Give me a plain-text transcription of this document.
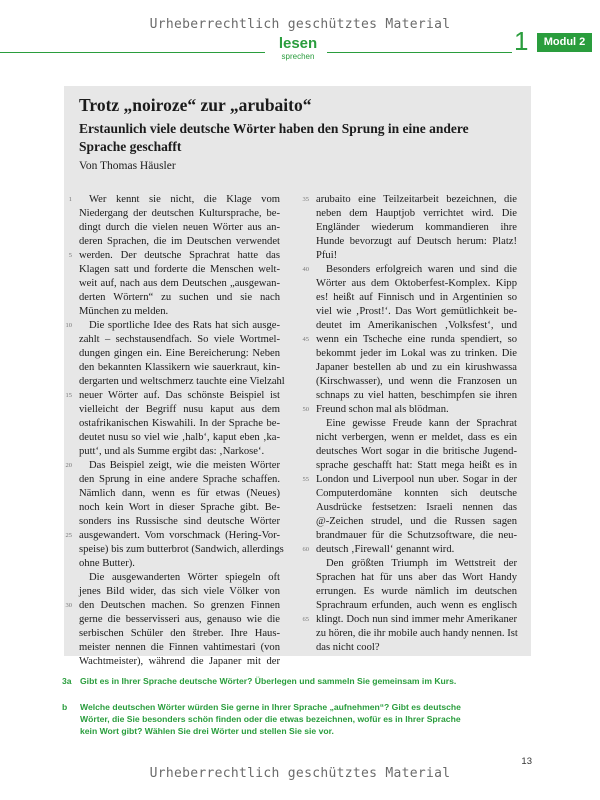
Urheberrechtlich geschütztes Material
lesen
sprechen
1	Modul 2
Trotz „noiroze“ zur „arubaito“
Erstaunlich viele deutsche Wörter haben den Sprung in eine andere Sprache geschafft

Von Thomas Häusler

1	Wer kennt sie nicht, die Klage vom
Niedergang der deutschen Kultursprache, be-
dingt durch die vielen neuen Wörter aus an-
deren Sprachen, die im Deutschen verwendet
5 werden. Der deutsche Sprachrat hatte das
Klagen satt und forderte die Menschen welt-
weit auf, nach aus dem Deutschen „ausgewan-
derten Wörtern“ zu suchen und sie nach
München zu melden.
10	Die sportliche Idee des Rats hat sich ausge-
zahlt – sechstausendfach. So viele Wortmel-
dungen gingen ein. Eine Bereicherung: Neben
den bekannten Klassikern wie sauerkraut, kin-
dergarten und weltschmerz tauchte eine Vielzahl
15 neuer Wörter auf. Das schönste Beispiel ist
vielleicht der Begriff nusu kaput aus dem
ostafrikanischen Kiswahili. In der Sprache be-
deutet nusu so viel wie ‚halb‘, kaput eben ‚ka-
putt‘, und als Summe ergibt das: ‚Narkose‘.
20	Das Beispiel zeigt, wie die meisten Wörter
den Sprung in eine andere Sprache schaffen.
Nämlich dann, wenn es für etwas (Neues)
noch kein Wort in dieser Sprache gibt. Be-
sonders ins Russische sind deutsche Wörter
25 ausgewandert. Vom vorschmack (Hering-Vor-
speise) bis zum butterbrot (Sandwich, allerdings
ohne Butter).
Die ausgewanderten Wörter spiegeln oft
jenes Bild wider, das sich viele Völker von
30 den Deutschen machen. So grenzen Finnen
gerne die besservisseri aus, genauso wie die
serbischen Schüler den štreber. Ihre Haus-
meister nennen die Finnen vahtimestari (von
Wachtmeister), während die Japaner mit der
35 arubaito eine Teilzeitarbeit bezeichnen, die
neben dem Hauptjob verrichtet wird. Die
Engländer wiederum kommandieren ihre
Hunde bevorzugt auf Deutsch herum: Platz!
Pfui!
40	Besonders erfolgreich waren und sind die
Wörter aus dem Oktoberfest-Komplex. Kipp
es! heißt auf Finnisch und in Argentinien so
viel wie ‚Prost!‘. Das Wort gemütlichkeit be-
deutet im Amerikanischen ‚Volksfest‘, und
45 wenn ein Tscheche eine runda spendiert, so
bekommt jeder im Lokal was zu trinken. Die
Japaner bestellen ab und zu ein kirushwassa
(Kirschwasser), und wenn die Franzosen un
schnaps zu viel hatten, beschimpfen sie ihren
50 Freund schon mal als blödman.
Eine gewisse Freude kann der Sprachrat
nicht verbergen, wenn er meldet, dass es ein
deutsches Wort sogar in die britische Jugend-
sprache geschafft hat: Statt mega heißt es in
55 London und Liverpool nun uber. Sogar in der
Computerdomäne konnten sich deutsche
Ausdrücke festsetzen: Israeli nennen das
@-Zeichen strudel, und die Russen sagen
brandmauer für die Schutzsoftware, die neu-
60 deutsch ‚Firewall‘ genannt wird.
Den größten Triumph im Wettstreit der
Sprachen hat für uns aber das Wort Handy
errungen. Es wurde nämlich im deutschen
Sprachraum erfunden, auch wenn es englisch
65 klingt. Doch nun sind immer mehr Amerikaner
zu hören, die ihr mobile auch handy nennen. Ist
das nicht cool?
3a Gibt es in Ihrer Sprache deutsche Wörter? Überlegen und sammeln Sie gemeinsam im Kurs.
b Welche deutschen Wörter würden Sie gerne in Ihrer Sprache „aufnehmen“? Gibt es deutsche
Wörter, die Sie besonders schön finden oder die etwas bezeichnen, wofür es in Ihrer Sprache
kein Wort gibt? Wählen Sie drei Wörter und stellen Sie sie vor.
13
Urheberrechtlich geschütztes Material
